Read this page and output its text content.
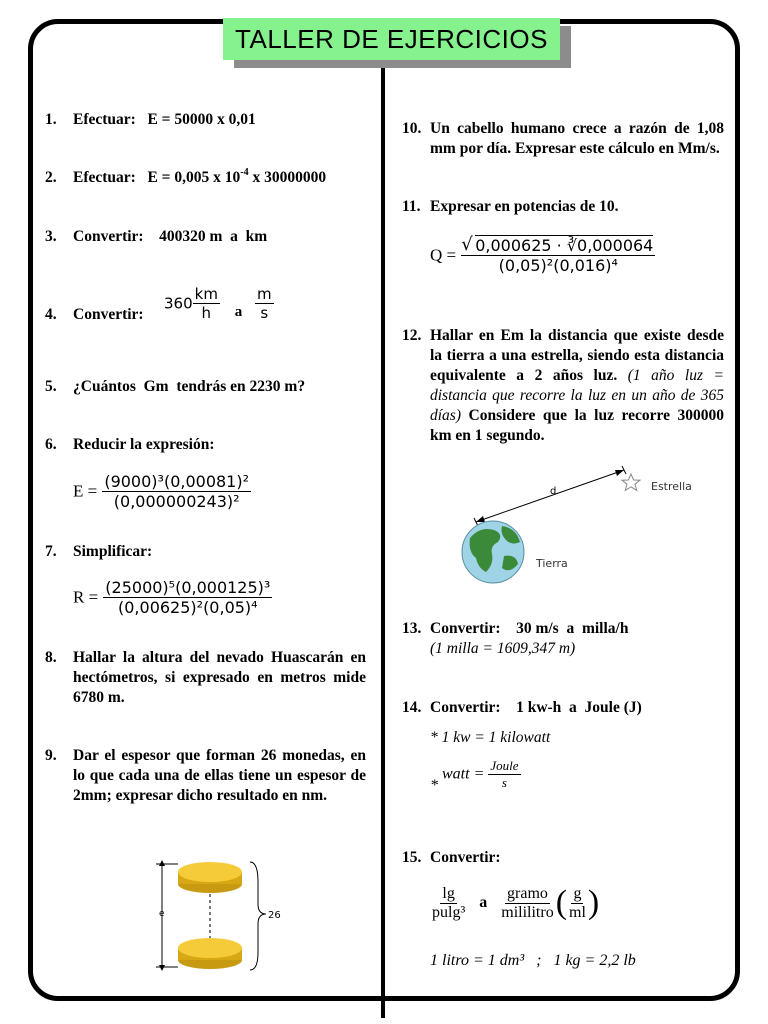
TALLER DE EJERCICIOS
1. Efectuar:   E = 50000 x 0,01
2. Efectuar:   E = 0,005 x $10^{-4}$ x 30000000
3. Convertir:    400320 m  a  km
4. Convertir:
$360 \frac{km}{h}$ a $\frac{m}{s}$
5. ¿Cuántos  Gm  tendrás en 2230 m?
6. Reducir la expresión:
$E = \frac{\text{(9000)³(0,00081)²}}{\text{(0,000000243)²}}$
7. Simplificar:
$R = \frac{\text{(25000)⁵(0,000125)³}}{\text{(0,00625)²(0,05)⁴}}$
8. Hallar la altura del nevado Huascarán en hectómetros, si expresado en metros mide 6780 m.
9. Dar el espesor que forman 26 monedas, en lo que cada una de ellas tiene un espesor de 2mm; expresar dicho resultado en nm.
e	26
10. Un cabello humano crece a razón de 1,08 mm por día. Expresar este cálculo en Mm/s.
11. Expresar en potencias de 10.
$Q = \frac{√ 0,000625 \cdot ∛0,000064}{\text{(0,05)²(0,016)⁴}}$
12. Hallar en Em la distancia que existe desde la tierra a una estrella, siendo esta distancia equivalente a 2 años luz. (1 año luz = distancia que recorre la luz en un año de 365 días) Considere que la luz recorre 300000 km en 1 segundo.
d	Estrella
Tierra
13. Convertir:    30 m/s  a  milla/h
(1 milla = 1609,347 m)
14. Convertir:    1 kw-h  a  Joule (J)
* 1 kw = 1 kilowatt
* watt = $\frac{\text{Joule}}{s}$
15. Convertir:
$\frac{\lg}{\text{pulg³}}$ a $\frac{\text{gramo}}{\text{mililitro}}$ ( $\frac{g}{ml}$ )
1 litro = 1 dm³   ;   1 kg = 2,2 lb
